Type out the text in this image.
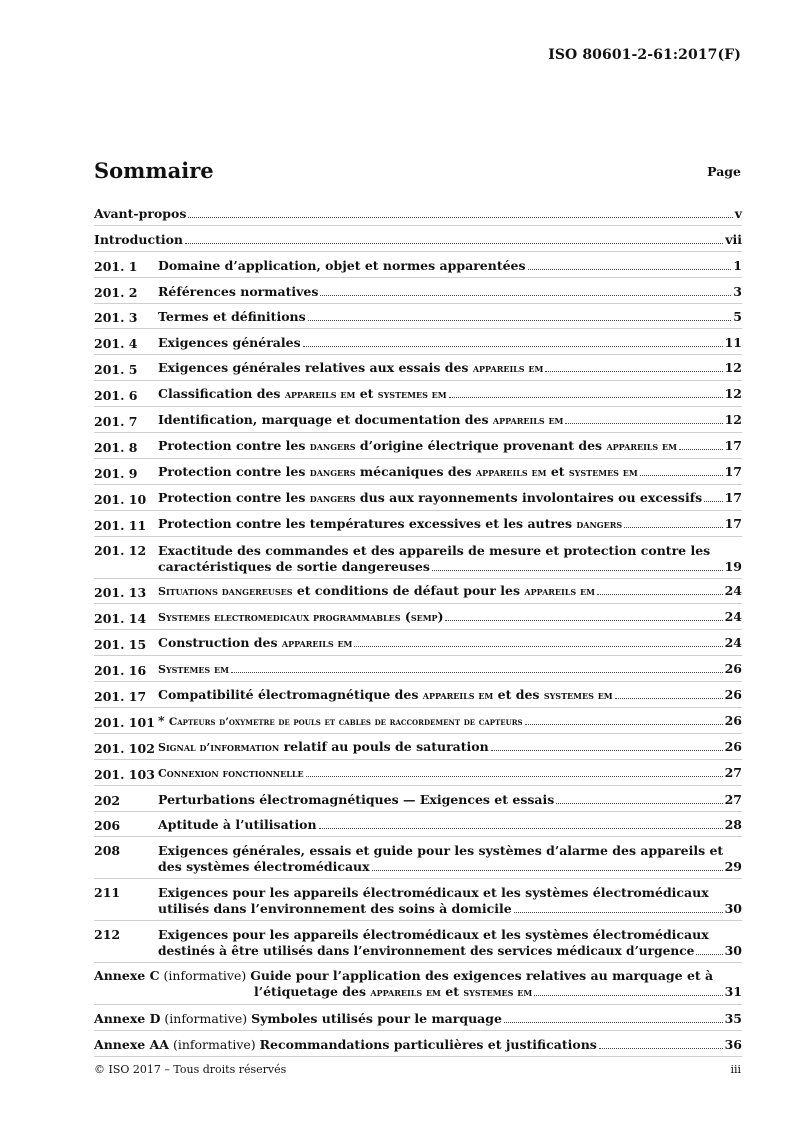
ISO 80601-2-61:2017(F)
Sommaire	Page
Avant-propos	v
Introduction	vii
201. 1	Domaine d’application, objet et normes apparentées	1
201. 2	Références normatives	3
201. 3	Termes et définitions	5
201. 4	Exigences générales	11
201. 5	Exigences générales relatives aux essais des appareils em	12
201. 6	Classification des appareils em et systemes em	12
201. 7	Identification, marquage et documentation des appareils em	12
201. 8	Protection contre les dangers d’origine électrique provenant des appareils em	17
201. 9	Protection contre les dangers mécaniques des appareils em et systemes em	17
201. 10 Protection contre les dangers dus aux rayonnements involontaires ou excessifs 17
201. 11 Protection contre les températures excessives et les autres dangers	17
201. 12 Exactitude des commandes et des appareils de mesure et protection contre les
caractéristiques de sortie dangereuses	19
201. 13	Situations dangereuses et conditions de défaut pour les appareils em	24
201. 14	Systemes electromedicaux programmables (semp)	24
201. 15 Construction des appareils em	24
201. 16	Systemes em	26
201. 17 Compatibilité électromagnétique des appareils em et des systemes em	26
201. 101 * Capteurs d’oxymetre de pouls et cables de raccordement de capteurs	26
201. 102 Signal d’information relatif au pouls de saturation	26
201. 103 Connexion fonctionnelle	27
202	Perturbations électromagnétiques — Exigences et essais	27
206	Aptitude à l’utilisation	28
208	Exigences générales, essais et guide pour les systèmes d’alarme des appareils et
des systèmes électromédicaux	29
211	Exigences pour les appareils électromédicaux et les systèmes électromédicaux
utilisés dans l’environnement des soins à domicile	30
212	Exigences pour les appareils électromédicaux et les systèmes électromédicaux
destinés à être utilisés dans l’environnement des services médicaux d’urgence 30
Annexe C (informative) Guide pour l’application des exigences relatives au marquage et à
l’étiquetage des appareils em et systemes em	31
Annexe D (informative) Symboles utilisés pour le marquage	35
Annexe AA (informative) Recommandations particulières et justifications	36
© ISO 2017 – Tous droits réservés	iii
